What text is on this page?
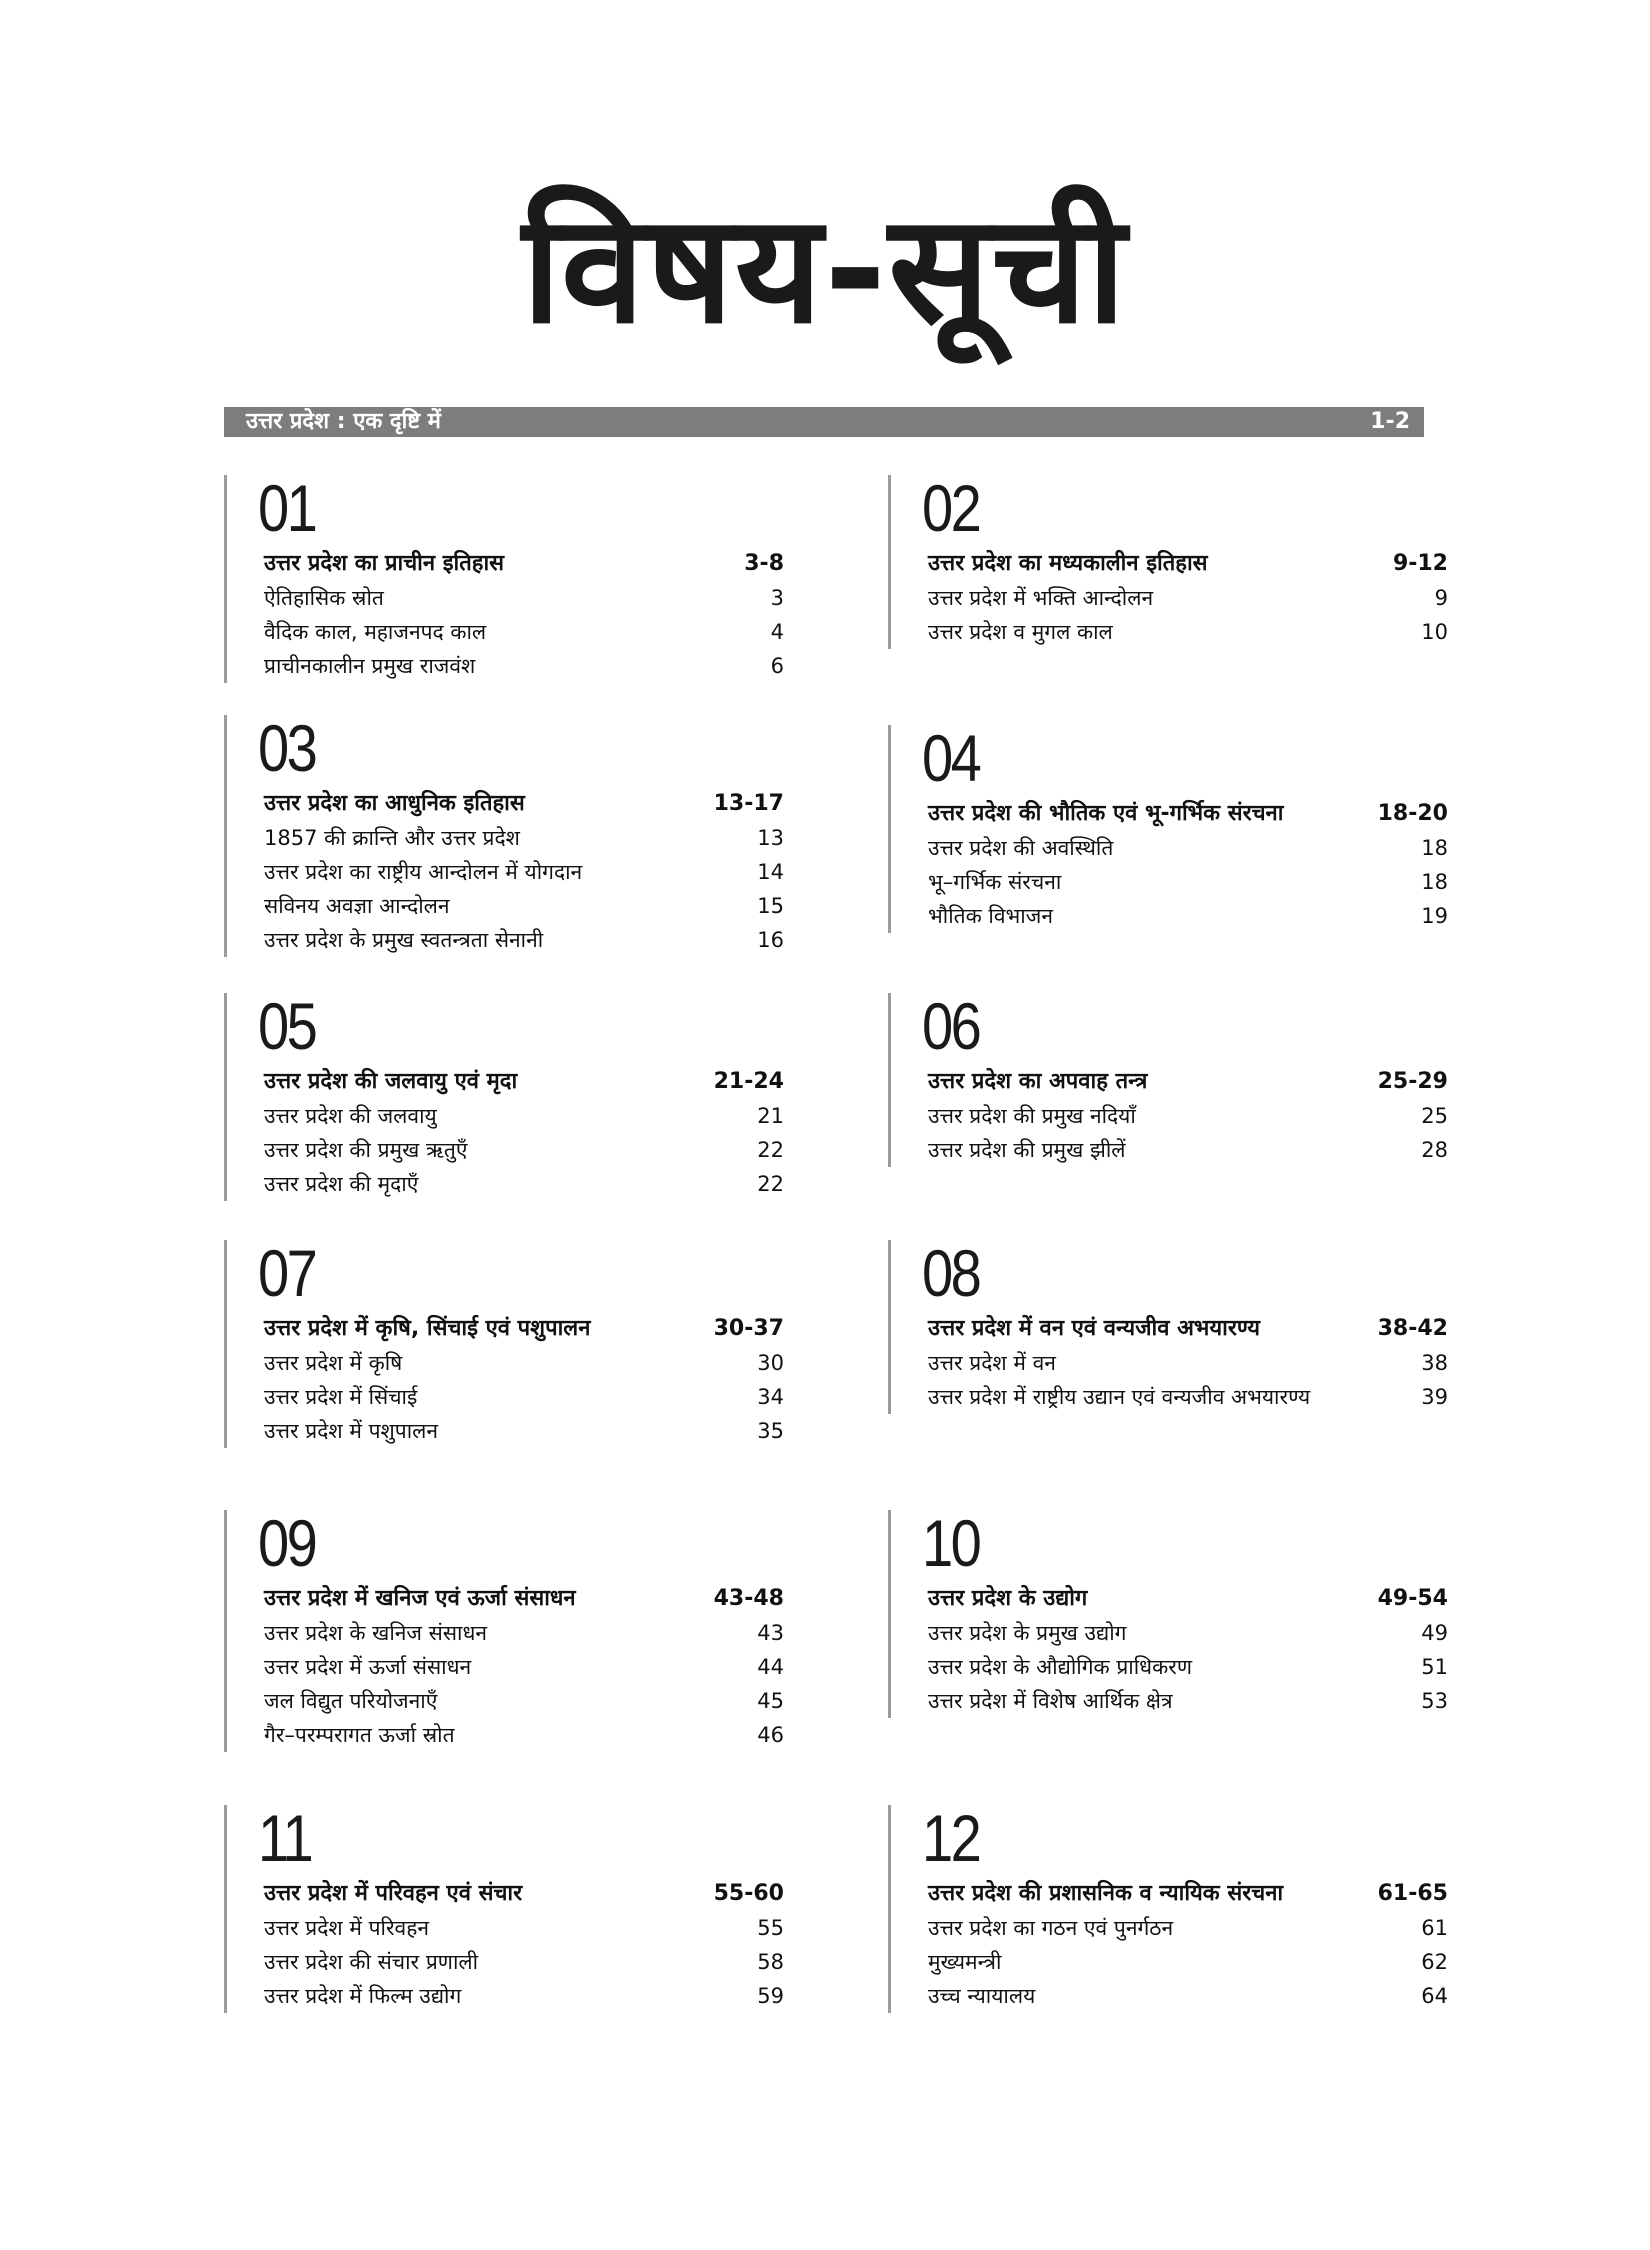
विषय-सूची
उत्तर प्रदेश : एक दृष्टि में	1-2
01
उत्तर प्रदेश का प्राचीन इतिहास	3-8
ऐतिहासिक स्रोत	3
वैदिक काल, महाजनपद काल	4
प्राचीनकालीन प्रमुख राजवंश	6
02
उत्तर प्रदेश का मध्यकालीन इतिहास	9-12
उत्तर प्रदेश में भक्ति आन्दोलन	9
उत्तर प्रदेश व मुगल काल	10
03
उत्तर प्रदेश का आधुनिक इतिहास	13-17
1857 की क्रान्ति और उत्तर प्रदेश	13
उत्तर प्रदेश का राष्ट्रीय आन्दोलन में योगदान	14
सविनय अवज्ञा आन्दोलन	15
उत्तर प्रदेश के प्रमुख स्वतन्त्रता सेनानी	16
04
उत्तर प्रदेश की भौतिक एवं भू-गर्भिक संरचना	18-20
उत्तर प्रदेश की अवस्थिति	18
भू–गर्भिक संरचना	18
भौतिक विभाजन	19
05
उत्तर प्रदेश की जलवायु एवं मृदा	21-24
उत्तर प्रदेश की जलवायु	21
उत्तर प्रदेश की प्रमुख ऋतुएँ	22
उत्तर प्रदेश की मृदाएँ	22
06
उत्तर प्रदेश का अपवाह तन्त्र	25-29
उत्तर प्रदेश की प्रमुख नदियाँ	25
उत्तर प्रदेश की प्रमुख झीलें	28
07
उत्तर प्रदेश में कृषि, सिंचाई एवं पशुपालन	30-37
उत्तर प्रदेश में कृषि	30
उत्तर प्रदेश में सिंचाई	34
उत्तर प्रदेश में पशुपालन	35
08
उत्तर प्रदेश में वन एवं वन्यजीव अभयारण्य	38-42
उत्तर प्रदेश में वन	38
उत्तर प्रदेश में राष्ट्रीय उद्यान एवं वन्यजीव अभयारण्य	39
09
उत्तर प्रदेश में खनिज एवं ऊर्जा संसाधन	43-48
उत्तर प्रदेश के खनिज संसाधन	43
उत्तर प्रदेश में ऊर्जा संसाधन	44
जल विद्युत परियोजनाएँ	45
गैर–परम्परागत ऊर्जा स्रोत	46
10
उत्तर प्रदेश के उद्योग	49-54
उत्तर प्रदेश के प्रमुख उद्योग	49
उत्तर प्रदेश के औद्योगिक प्राधिकरण	51
उत्तर प्रदेश में विशेष आर्थिक क्षेत्र	53
11
उत्तर प्रदेश में परिवहन एवं संचार	55-60
उत्तर प्रदेश में परिवहन	55
उत्तर प्रदेश की संचार प्रणाली	58
उत्तर प्रदेश में फिल्म उद्योग	59
12
उत्तर प्रदेश की प्रशासनिक व न्यायिक संरचना	61-65
उत्तर प्रदेश का गठन एवं पुनर्गठन	61
मुख्यमन्त्री	62
उच्च न्यायालय	64
